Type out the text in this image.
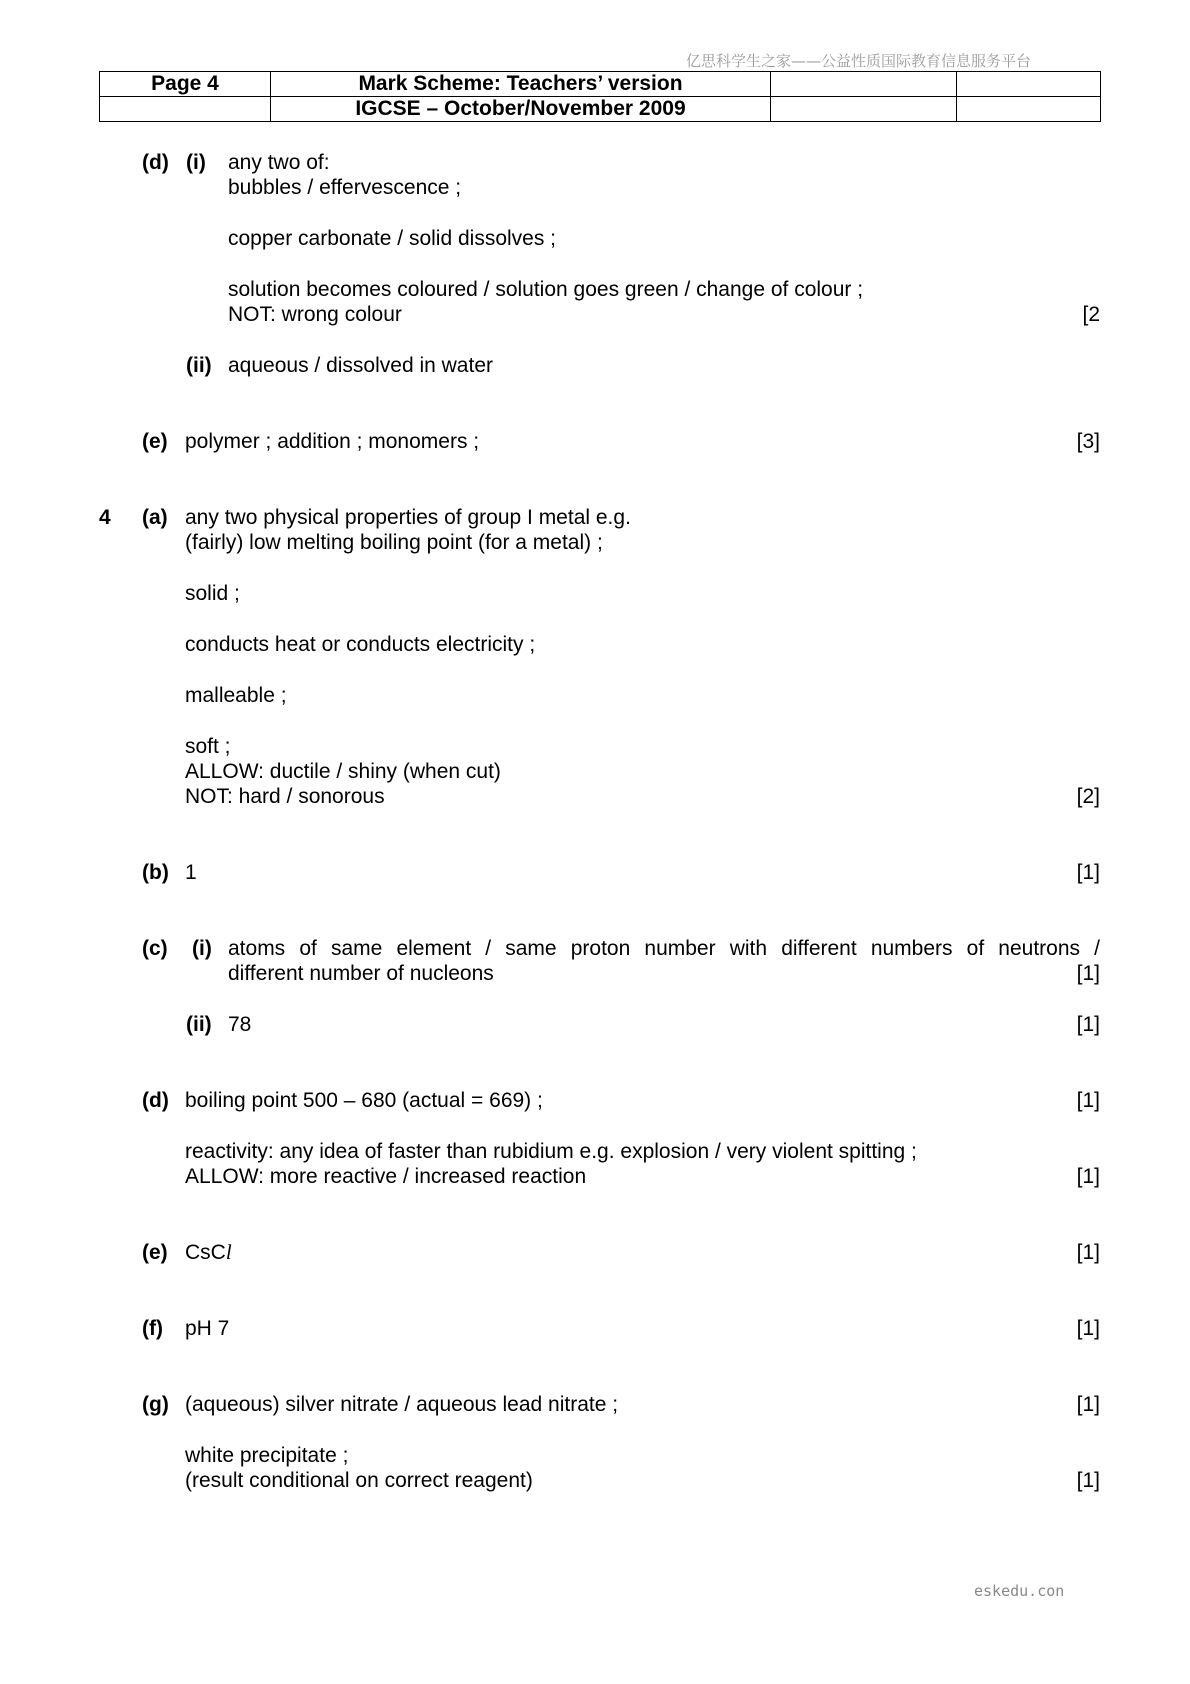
亿思科学生之家——公益性质国际教育信息服务平台
Page 4	Mark Scheme: Teachers’ version		
	IGCSE – October/November 2009		
(d) (i) any two of:
bubbles / effervescence ;
copper carbonate / solid dissolves ;
solution becomes coloured / solution goes green / change of colour ;
NOT: wrong colour	[2
(ii) aqueous / dissolved in water
(e) polymer ; addition ; monomers ;	[3]
4 (a) any two physical properties of group I metal e.g.
(fairly) low melting boiling point (for a metal) ;
solid ;
conducts heat or conducts electricity ;
malleable ;
soft ;
ALLOW: ductile / shiny (when cut)
NOT: hard / sonorous	[2]
(b) 1	[1]
(c) (i) atoms of same element / same proton number with different numbers of neutrons /
different number of nucleons	[1]
(ii) 78	[1]
(d) boiling point 500 – 680 (actual = 669) ;	[1]
reactivity: any idea of faster than rubidium e.g. explosion / very violent spitting ;
ALLOW: more reactive / increased reaction	[1]
(e) CsCl	[1]
(f) pH 7	[1]
(g) (aqueous) silver nitrate / aqueous lead nitrate ;	[1]
white precipitate ;
(result conditional on correct reagent)	[1]
eskedu.con
